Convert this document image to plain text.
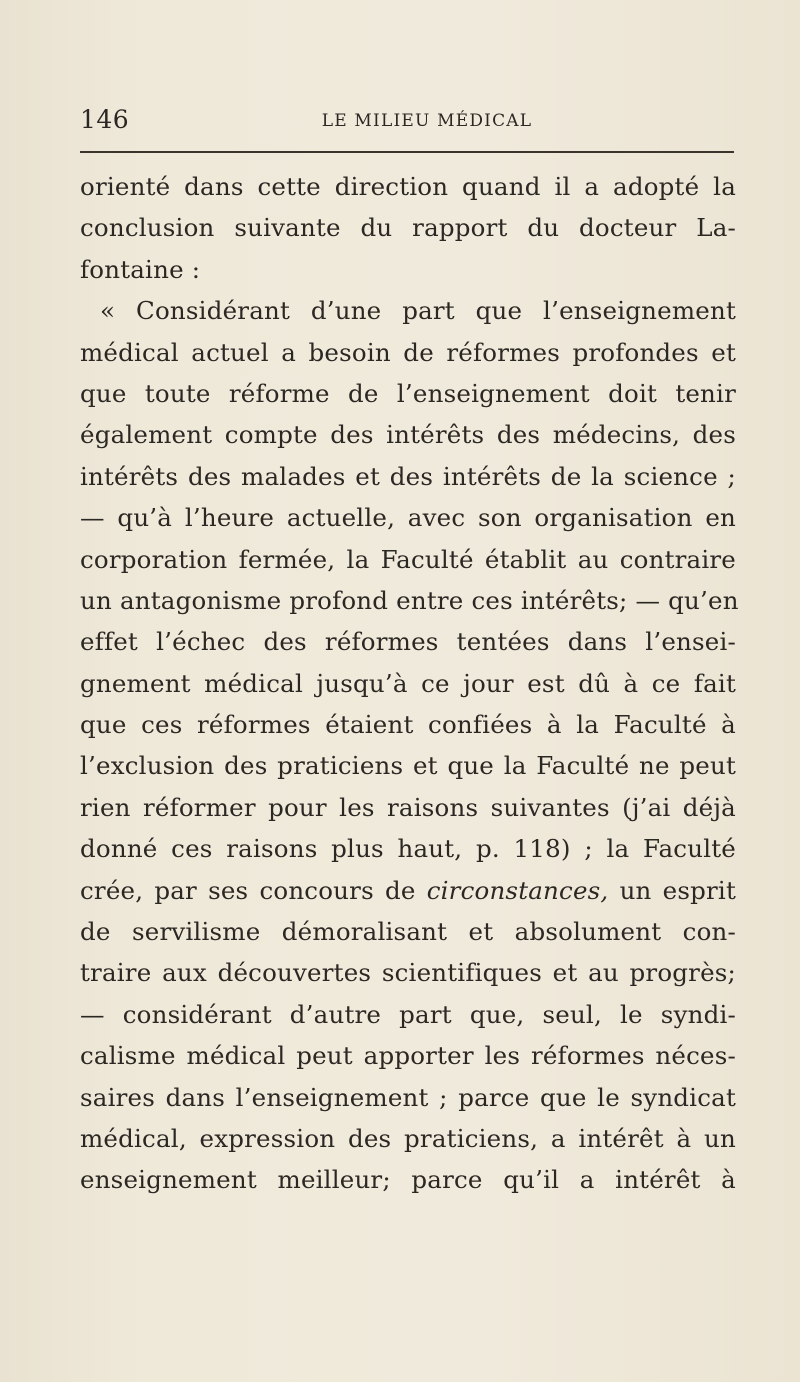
146	LE MILIEU MÉDICAL
orienté dans cette direction quand il a adopté la
conclusion suivante du rapport du docteur La-
fontaine :
« Considérant d’une part que l’enseignement
médical actuel a besoin de réformes profondes et
que toute réforme de l’enseignement doit tenir
également compte des intérêts des médecins, des
intérêts des malades et des intérêts de la science ;
— qu’à l’heure actuelle, avec son organisation en
corporation fermée, la Faculté établit au contraire
un antagonisme profond entre ces intérêts; — qu’en
effet l’échec des réformes tentées dans l’ensei-
gnement médical jusqu’à ce jour est dû à ce fait
que ces réformes étaient confiées à la Faculté à
l’exclusion des praticiens et que la Faculté ne peut
rien réformer pour les raisons suivantes (j’ai déjà
donné ces raisons plus haut, p. 118) ; la Faculté
crée, par ses concours de circonstances, un esprit
de servilisme démoralisant et absolument con-
traire aux découvertes scientifiques et au progrès;
— considérant d’autre part que, seul, le syndi-
calisme médical peut apporter les réformes néces-
saires dans l’enseignement ; parce que le syndicat
médical, expression des praticiens, a intérêt à un
enseignement meilleur; parce qu’il a intérêt à
